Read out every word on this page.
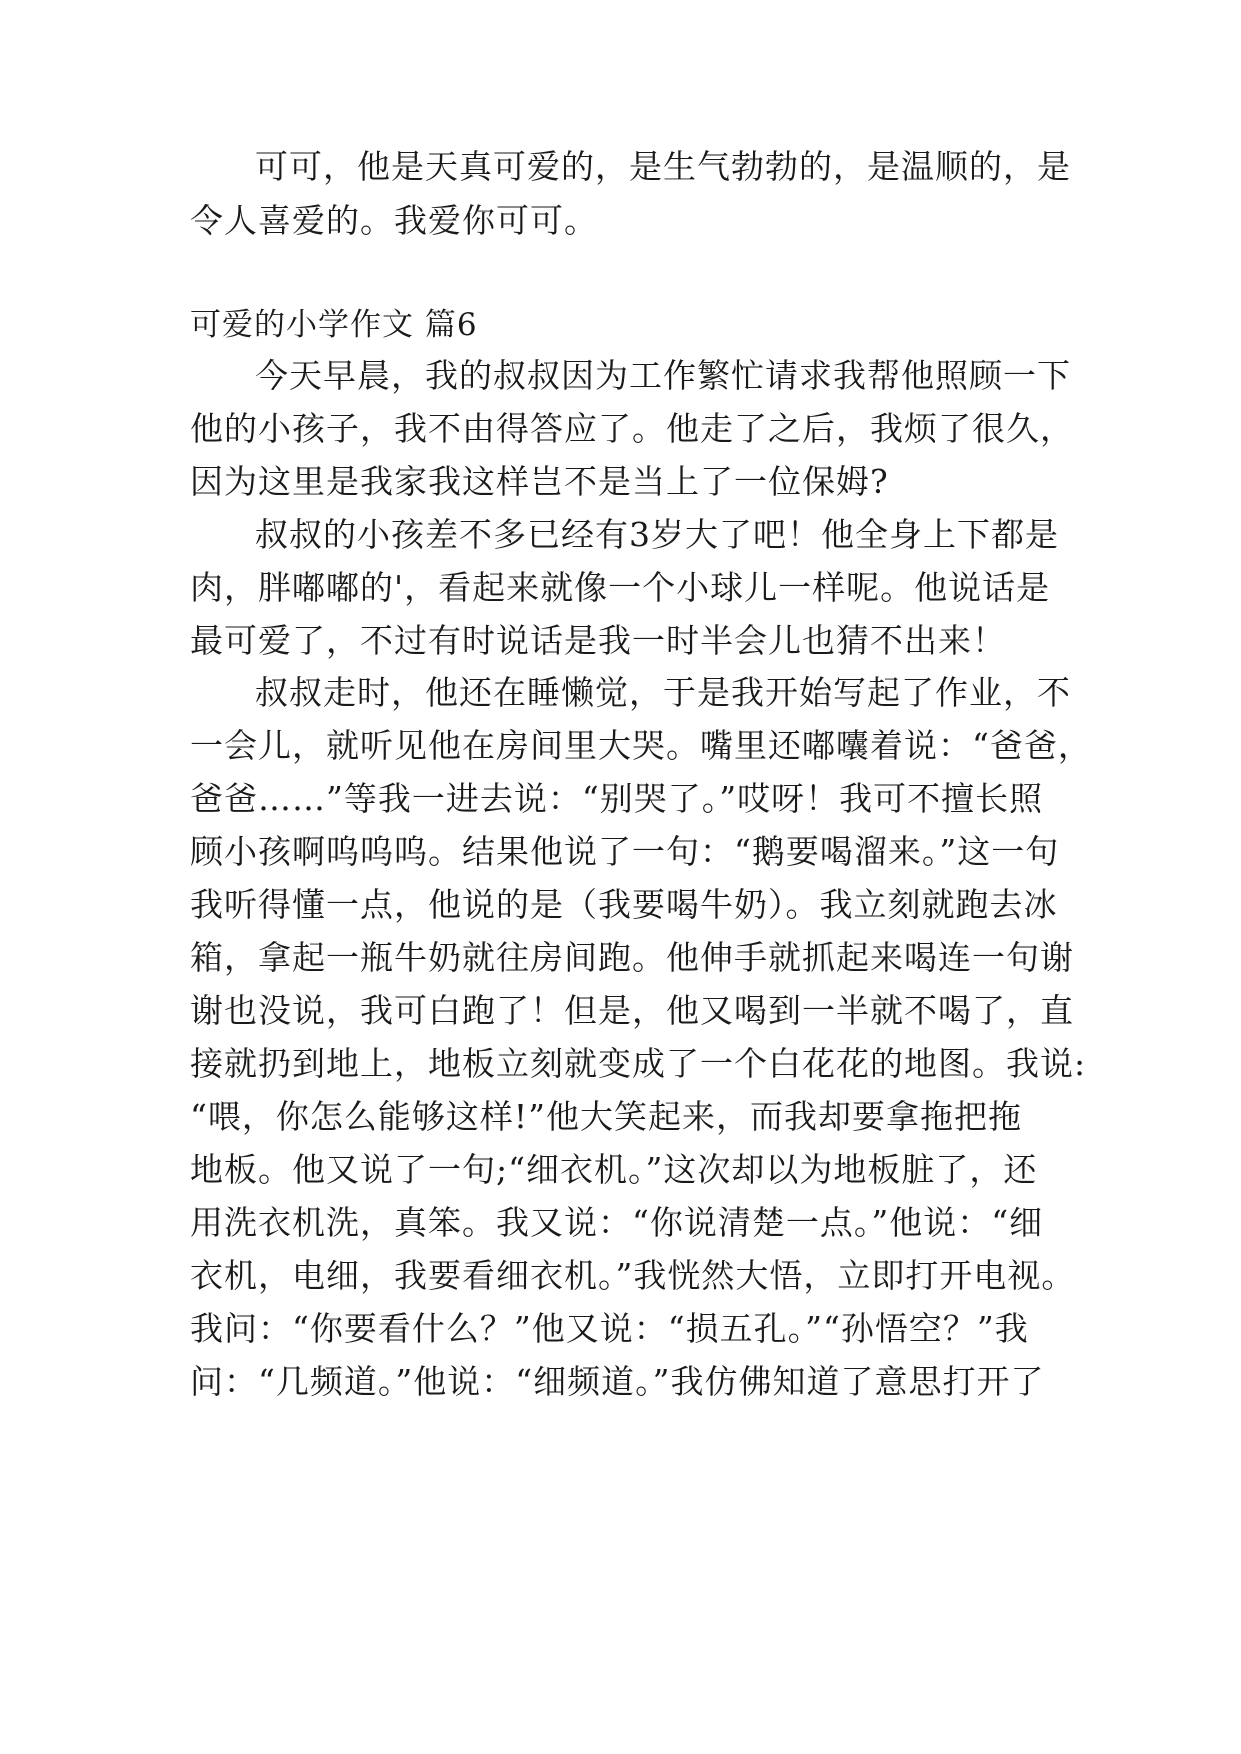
可可，他是天真可爱的，是生气勃勃的，是温顺的，是
令人喜爱的。我爱你可可。
可爱的小学作文 篇6
今天早晨，我的叔叔因为工作繁忙请求我帮他照顾一下
他的小孩子，我不由得答应了。他走了之后，我烦了很久，
因为这里是我家我这样岂不是当上了一位保姆?
叔叔的小孩差不多已经有3岁大了吧！他全身上下都是
肉，胖嘟嘟的'，看起来就像一个小球儿一样呢。他说话是
最可爱了，不过有时说话是我一时半会儿也猜不出来！
叔叔走时，他还在睡懒觉，于是我开始写起了作业，不
一会儿，就听见他在房间里大哭。嘴里还嘟囔着说：“爸爸，
爸爸……”等我一进去说：“别哭了。”哎呀！我可不擅长照
顾小孩啊呜呜呜。结果他说了一句：“鹅要喝溜来。”这一句
我听得懂一点，他说的是（我要喝牛奶）。我立刻就跑去冰
箱，拿起一瓶牛奶就往房间跑。他伸手就抓起来喝连一句谢
谢也没说，我可白跑了！但是，他又喝到一半就不喝了，直
接就扔到地上，地板立刻就变成了一个白花花的地图。我说:
“喂，你怎么能够这样!”他大笑起来，而我却要拿拖把拖
地板。他又说了一句;“细衣机。”这次却以为地板脏了，还
用洗衣机洗，真笨。我又说：“你说清楚一点。”他说：“细
衣机，电细，我要看细衣机。”我恍然大悟，立即打开电视。
我问：“你要看什么？”他又说：“损五孔。”“孙悟空？”我
问：“几频道。”他说：“细频道。”我仿佛知道了意思打开了
